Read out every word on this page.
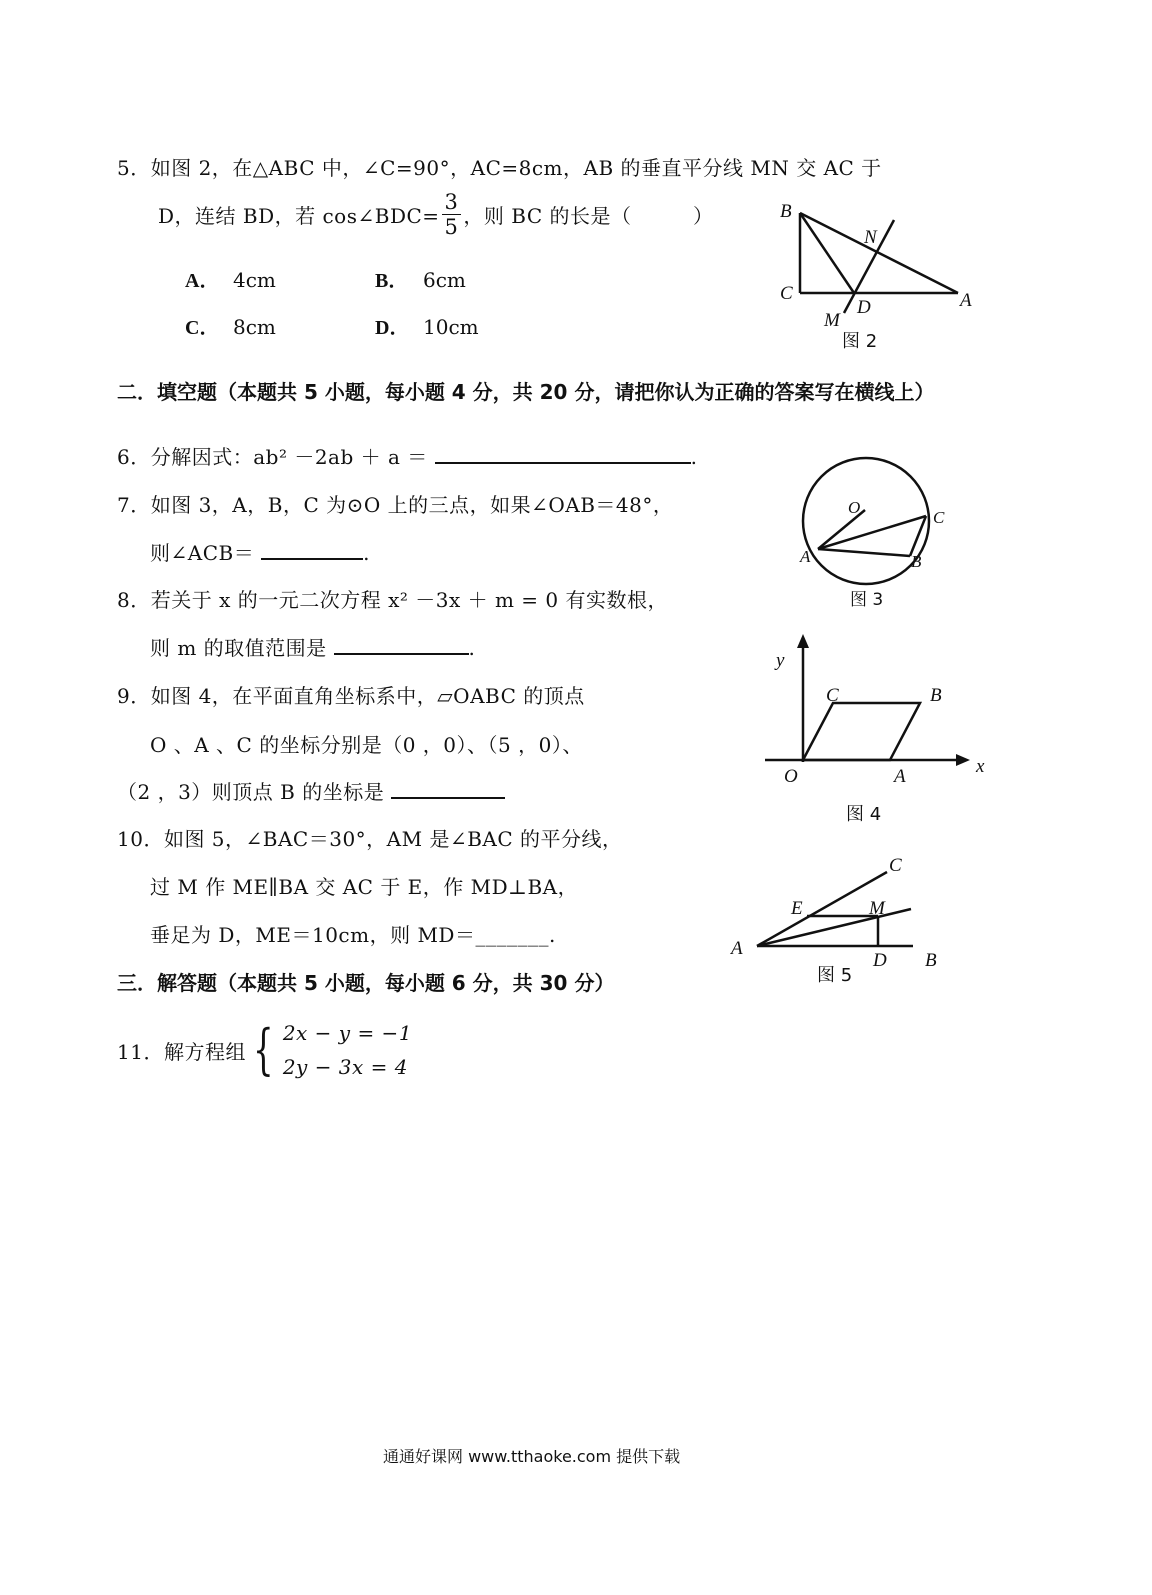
5．如图 2，在△ABC 中，∠C=90°，AC=8cm，AB 的垂直平分线 MN 交 AC 于
D，连结 BD，若 cos∠BDC= $\frac{3}{5}$ ，则 BC 的长是（　　　）
A． 4cm	B． 6cm
C． 8cm	D． 10cm
B
N
C
D	A
M
图 2
二．填空题（本题共 5 小题，每小题 4 分，共 20 分，请把你认为正确的答案写在横线上）
6．分解因式：ab² －2ab ＋ a ＝	.
7．如图 3，A，B，C 为⊙O 上的三点，如果∠OAB＝48°，
则∠ACB＝	.
O
C
A	B
图 3
8．若关于 x 的一元二次方程 x² －3x ＋ m = 0 有实数根，
则 m 的取值范围是	.
9．如图 4，在平面直角坐标系中，▱OABC 的顶点
O 、A 、C 的坐标分别是（0 ，0）、（5 ，0）、
（2 ，3）则顶点 B 的坐标是
y
C	B
O	A	x
图 4
10．如图 5，∠BAC＝30°，AM 是∠BAC 的平分线，
过 M 作 ME∥BA 交 AC 于 E，作 MD⊥BA，
垂足为 D，ME＝10cm，则 MD＝_______.
C
E	M
A
D B
图 5
三．解答题（本题共 5 小题，每小题 6 分，共 30 分）
11．解方程组 { 2x − y = −1
2y − 3x = 4
通通好课网 www.tthaoke.com 提供下载
